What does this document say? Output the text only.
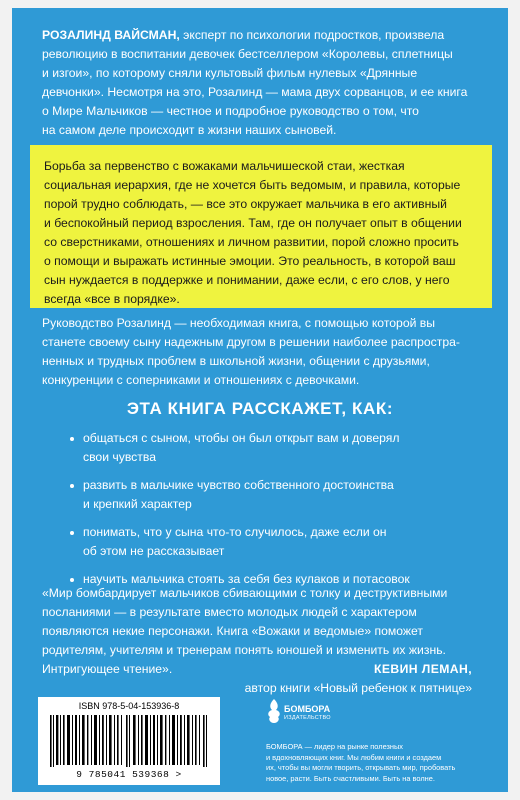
РОЗАЛИНД ВАЙСМАН, эксперт по психологии подростков, произвела
революцию в воспитании девочек бестселлером «Королевы, сплетницы
и изгои», по которому сняли культовый фильм нулевых «Дрянные
девчонки». Несмотря на это, Розалинд — мама двух сорванцов, и ее книга
о Мире Мальчиков — честное и подробное руководство о том, что
на самом деле происходит в жизни наших сыновей.
Борьба за первенство с вожаками мальчишеской стаи, жесткая
социальная иерархия, где не хочется быть ведомым, и правила, которые
порой трудно соблюдать, — все это окружает мальчика в его активный
и беспокойный период взросления. Там, где он получает опыт в общении
со сверстниками, отношениях и личном развитии, порой сложно просить
о помощи и выражать истинные эмоции. Это реальность, в которой ваш
сын нуждается в поддержке и понимании, даже если, с его слов, у него
всегда «все в порядке».
Руководство Розалинд — необходимая книга, с помощью которой вы
станете своему сыну надежным другом в решении наиболее распростра-
ненных и трудных проблем в школьной жизни, общении с друзьями,
конкуренции с соперниками и отношениях с девочками.
ЭТА КНИГА РАССКАЖЕТ, КАК:
общаться с сыном, чтобы он был открыт вам и доверял
свои чувства
развить в мальчике чувство собственного достоинства
и крепкий характер
понимать, что у сына что-то случилось, даже если он
об этом не рассказывает
научить мальчика стоять за себя без кулаков и потасовок
«Мир бомбардирует мальчиков сбивающими с толку и деструктивными
посланиями — в результате вместо молодых людей с характером
появляются некие персонажи. Книга «Вожаки и ведомые» поможет
родителям, учителям и тренерам понять юношей и изменить их жизнь.
Интригующее чтение».	КЕВИН ЛЕМАН,
автор книги «Новый ребенок к пятнице»
ISBN 978-5-04-153936-8
9 785041 539368 >
БОМБОРА
ИЗДАТЕЛЬСТВО
БОМБОРА — лидер на рынке полезных
и вдохновляющих книг. Мы любим книги и создаем
их, чтобы вы могли творить, открывать мир, пробовать
новое, расти. Быть счастливыми. Быть на волне.
